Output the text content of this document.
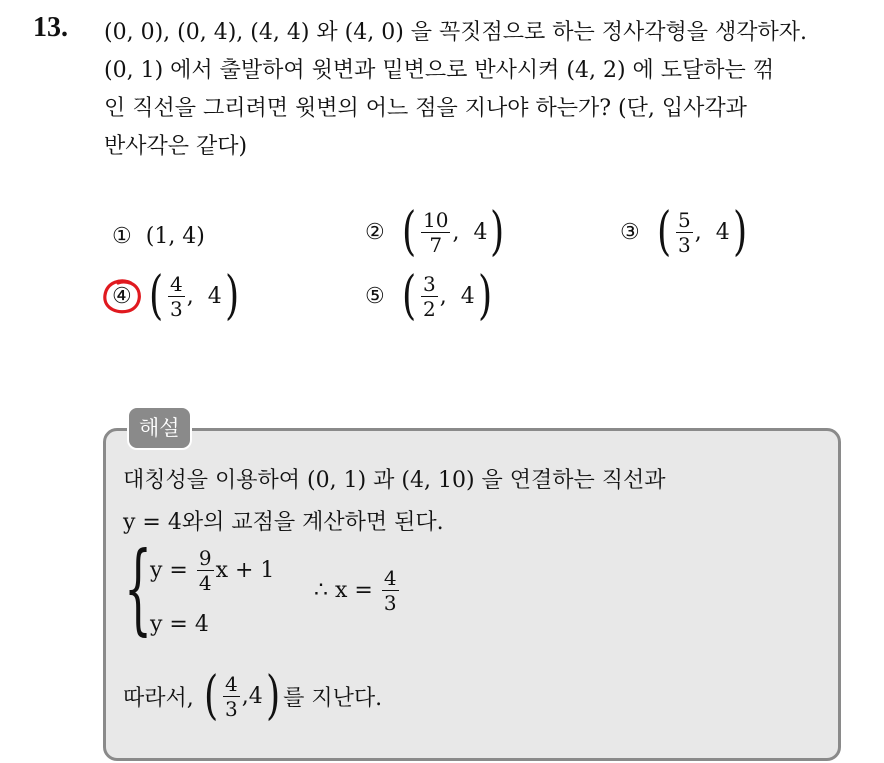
13. (0, 0), (0, 4), (4, 4) 와 (4, 0) 을 꼭짓점으로 하는 정사각형을 생각하자.
(0, 1) 에서 출발하여 윗변과 밑변으로 반사시켜 (4, 2) 에 도달하는 꺾
인 직선을 그리려면 윗변의 어느 점을 지나야 하는가? (단, 입사각과
반사각은 같다)
① (1, 4)	② ( $\frac{10}{7}$ , 4 )	③ ( $\frac{5}{3}$ , 4 )
④ ( $\frac{4}{3}$ , 4 )	⑤ ( $\frac{3}{2}$ , 4 )
해설
대칭성을 이용하여 (0, 1) 과 (4, 10) 을 연결하는 직선과
y = 4와의 교점을 계산하면 된다.
{
y =
$\frac{9}{4}$ x + 1
y = 4
∴ x =
$\frac{4}{3}$
따라서,
( $\frac{4}{3}$ , 4 ) 를 지난다.
